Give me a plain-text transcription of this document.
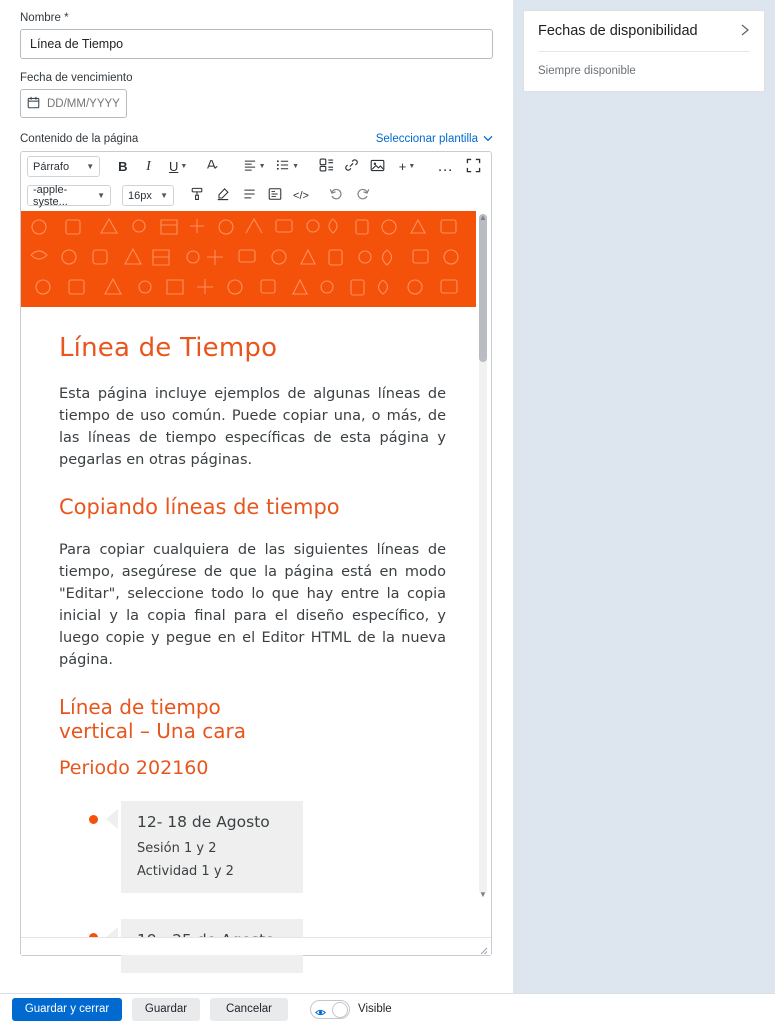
Fechas de disponibilidad
Siempre disponible
Nombre *
Línea de Tiempo
Fecha de vencimiento
DD/MM/YYYY
Contenido de la página	Seleccionar plantilla
Párrafo ▼ B I U ▼	▼	▼	+ ▼ …
-apple-syste...	▼ 16px ▼	</>
Línea de Tiempo
Esta página incluye ejemplos de algunas líneas de tiempo de uso común. Puede copiar una, o más, de las líneas de tiempo específicas de esta página y pegarlas en otras páginas.
Copiando líneas de tiempo
Para copiar cualquiera de las siguientes líneas de tiempo, asegúrese de que la página está en modo "Editar", seleccione todo lo que hay entre la copia inicial y la copia final para el diseño específico, y luego copie y pegue en el Editor HTML de la nueva página.
Línea de tiempo
vertical – Una cara
Periodo 202160
12- 18 de Agosto
Sesión 1 y 2
Actividad 1 y 2
▲
▼
Guardar y cerrar	Guardar	Cancelar	Visible
